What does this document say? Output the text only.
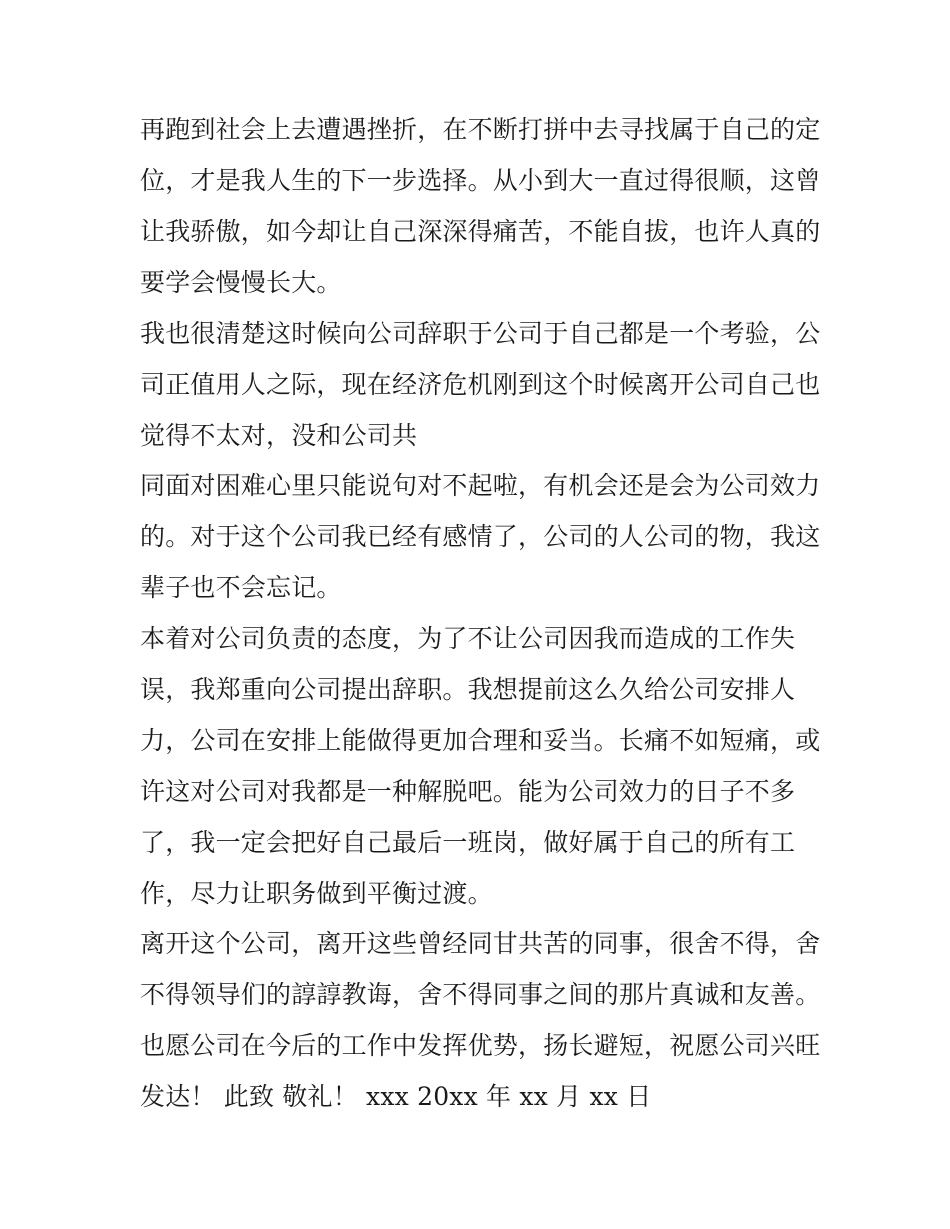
再跑到社会上去遭遇挫折，在不断打拼中去寻找属于自己的定
位，才是我人生的下一步选择。从小到大一直过得很顺，这曾
让我骄傲，如今却让自己深深得痛苦，不能自拔，也许人真的
要学会慢慢长大。
我也很清楚这时候向公司辞职于公司于自己都是一个考验，公
司正值用人之际，现在经济危机刚到这个时候离开公司自己也
觉得不太对，没和公司共
同面对困难心里只能说句对不起啦，有机会还是会为公司效力
的。对于这个公司我已经有感情了，公司的人公司的物，我这
辈子也不会忘记。
本着对公司负责的态度，为了不让公司因我而造成的工作失
误，我郑重向公司提出辞职。我想提前这么久给公司安排人
力，公司在安排上能做得更加合理和妥当。长痛不如短痛，或
许这对公司对我都是一种解脱吧。能为公司效力的日子不多
了，我一定会把好自己最后一班岗，做好属于自己的所有工
作，尽力让职务做到平衡过渡。
离开这个公司，离开这些曾经同甘共苦的同事，很舍不得，舍
不得领导们的諄諄教诲，舍不得同事之间的那片真诚和友善。
也愿公司在今后的工作中发挥优势，扬长避短，祝愿公司兴旺
发达！ 此致 敬礼！ xxx 20xx 年 xx 月 xx 日
